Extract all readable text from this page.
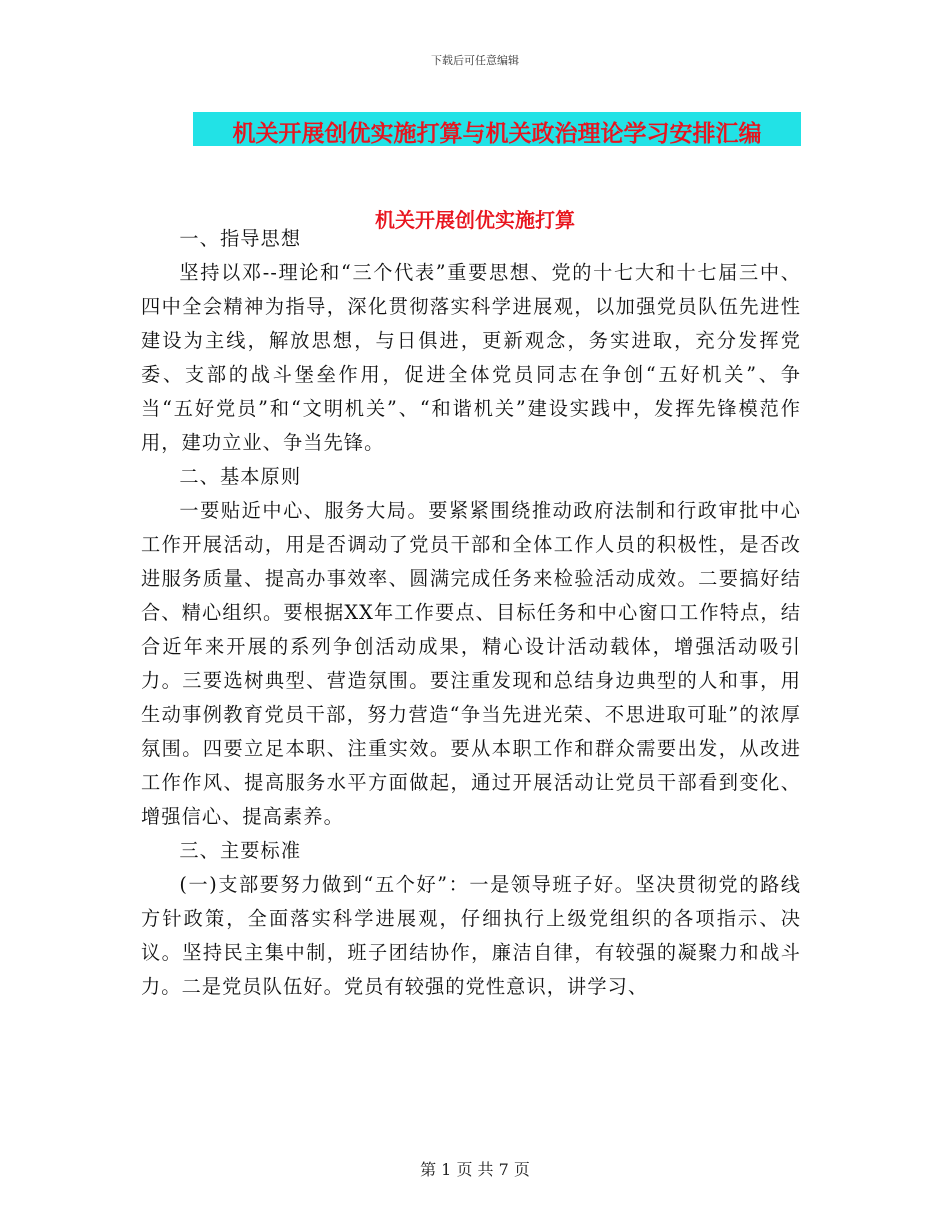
下载后可任意编辑
机关开展创优实施打算与机关政治理论学习安排汇编
机关开展创优实施打算

一、指导思想

坚持以邓--理论和“三个代表”重要思想、党的十七大和十七届三中、四中全会精神为指导，深化贯彻落实科学进展观，以加强党员队伍先进性建设为主线，解放思想，与日俱进，更新观念，务实进取，充分发挥党委、支部的战斗堡垒作用，促进全体党员同志在争创“五好机关”、争当“五好党员”和“文明机关”、“和谐机关”建设实践中，发挥先锋模范作用，建功立业、争当先锋。

二、基本原则

一要贴近中心、服务大局。要紧紧围绕推动政府法制和行政审批中心工作开展活动，用是否调动了党员干部和全体工作人员的积极性，是否改进服务质量、提高办事效率、圆满完成任务来检验活动成效。二要搞好结合、精心组织。要根据XX年工作要点、目标任务和中心窗口工作特点，结合近年来开展的系列争创活动成果，精心设计活动载体，增强活动吸引力。三要选树典型、营造氛围。要注重发现和总结身边典型的人和事，用生动事例教育党员干部，努力营造“争当先进光荣、不思进取可耻”的浓厚氛围。四要立足本职、注重实效。要从本职工作和群众需要出发，从改进工作作风、提高服务水平方面做起，通过开展活动让党员干部看到变化、增强信心、提高素养。

三、主要标准

(一)支部要努力做到“五个好”：一是领导班子好。坚决贯彻党的路线方针政策，全面落实科学进展观，仔细执行上级党组织的各项指示、决议。坚持民主集中制，班子团结协作，廉洁自律，有较强的凝聚力和战斗力。二是党员队伍好。党员有较强的党性意识，讲学习、

第 1 页 共 7 页
